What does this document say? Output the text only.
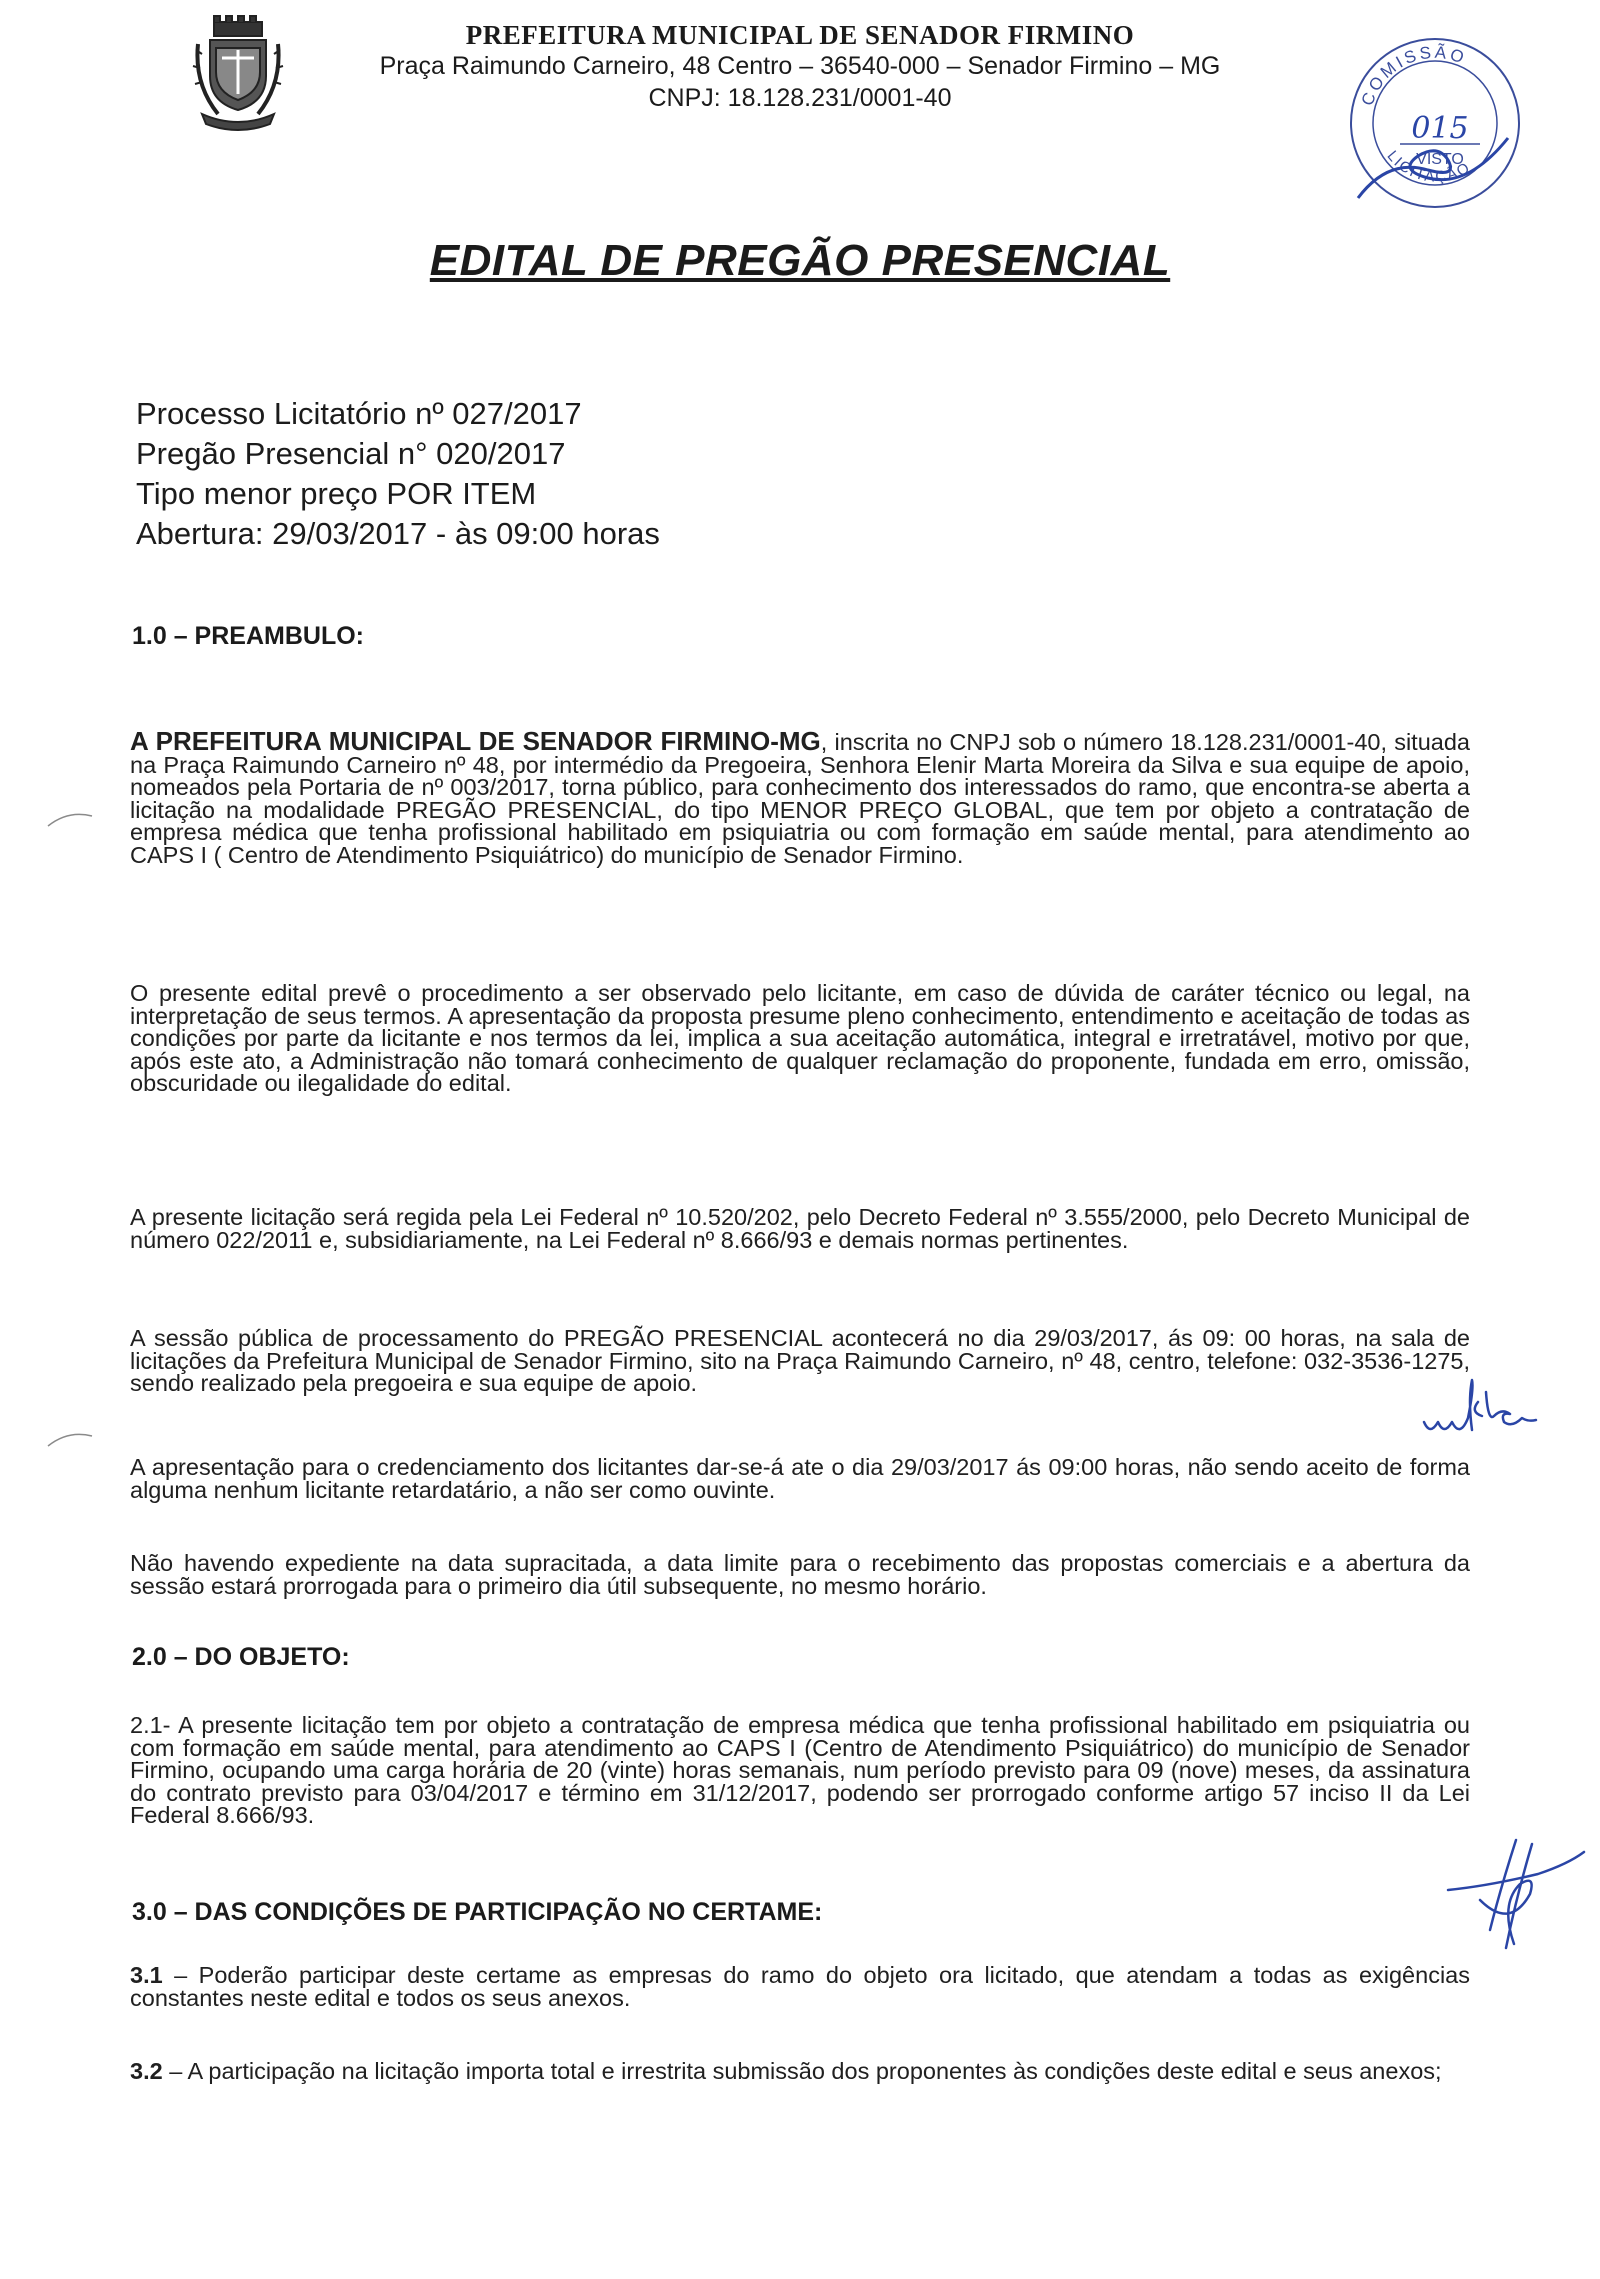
PREFEITURA MUNICIPAL DE SENADOR FIRMINO
Praça Raimundo Carneiro, 48 Centro – 36540-000 – Senador Firmino – MG
CNPJ: 18.128.231/0001-40	COMISSÃO
LICITAÇÃO
015
VISTO
EDITAL DE PREGÃO PRESENCIAL
Processo Licitatório nº 027/2017
Pregão Presencial n° 020/2017
Tipo menor preço POR ITEM
Abertura: 29/03/2017 - às 09:00 horas
1.0 – PREAMBULO:
A PREFEITURA MUNICIPAL DE SENADOR FIRMINO-MG, inscrita no CNPJ sob o número 18.128.231/0001-40, situada na Praça Raimundo Carneiro nº 48, por intermédio da Pregoeira, Senhora Elenir Marta Moreira da Silva e sua equipe de apoio, nomeados pela Portaria de nº 003/2017, torna público, para conhecimento dos interessados do ramo, que encontra-se aberta a licitação na modalidade PREGÃO PRESENCIAL, do tipo MENOR PREÇO GLOBAL, que tem por objeto a contratação de empresa médica que tenha profissional habilitado em psiquiatria ou com formação em saúde mental, para atendimento ao CAPS I ( Centro de Atendimento Psiquiátrico) do município de Senador Firmino.
O presente edital prevê o procedimento a ser observado pelo licitante, em caso de dúvida de caráter técnico ou legal, na interpretação de seus termos. A apresentação da proposta presume pleno conhecimento, entendimento e aceitação de todas as condições por parte da licitante e nos termos da lei, implica a sua aceitação automática, integral e irretratável, motivo por que, após este ato, a Administração não tomará conhecimento de qualquer reclamação do proponente, fundada em erro, omissão, obscuridade ou ilegalidade do edital.
A presente licitação será regida pela Lei Federal nº 10.520/202, pelo Decreto Federal nº 3.555/2000, pelo Decreto Municipal de número 022/2011 e, subsidiariamente, na Lei Federal nº 8.666/93 e demais normas pertinentes.
A sessão pública de processamento do PREGÃO PRESENCIAL acontecerá no dia 29/03/2017, ás 09: 00 horas, na sala de licitações da Prefeitura Municipal de Senador Firmino, sito na Praça Raimundo Carneiro, nº 48, centro, telefone: 032-3536-1275, sendo realizado pela pregoeira e sua equipe de apoio.
A apresentação para o credenciamento dos licitantes dar-se-á ate o dia 29/03/2017 ás 09:00 horas, não sendo aceito de forma alguma nenhum licitante retardatário, a não ser como ouvinte.
Não havendo expediente na data supracitada, a data limite para o recebimento das propostas comerciais e a abertura da sessão estará prorrogada para o primeiro dia útil subsequente, no mesmo horário.
2.0 – DO OBJETO:
2.1- A presente licitação tem por objeto a contratação de empresa médica que tenha profissional habilitado em psiquiatria ou com formação em saúde mental, para atendimento ao CAPS I (Centro de Atendimento Psiquiátrico) do município de Senador Firmino, ocupando uma carga horária de 20 (vinte) horas semanais, num período previsto para 09 (nove) meses, da assinatura do contrato previsto para 03/04/2017 e término em 31/12/2017, podendo ser prorrogado conforme artigo 57 inciso II da Lei Federal 8.666/93.
3.0 – DAS CONDIÇÕES DE PARTICIPAÇÃO NO CERTAME:
3.1 – Poderão participar deste certame as empresas do ramo do objeto ora licitado, que atendam a todas as exigências constantes neste edital e todos os seus anexos.
3.2 – A participação na licitação importa total e irrestrita submissão dos proponentes às condições deste edital e seus anexos;
